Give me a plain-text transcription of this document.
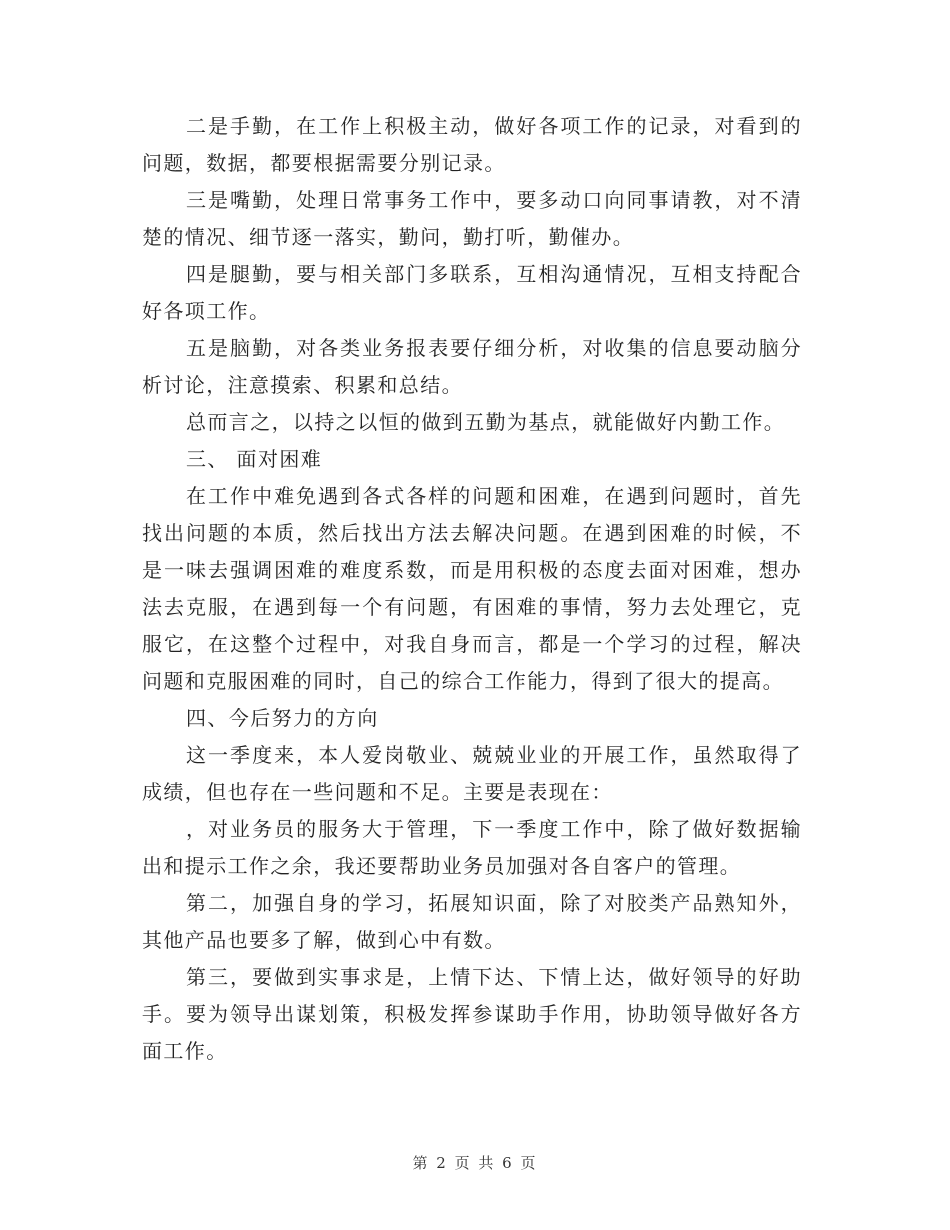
二是手勤，在工作上积极主动，做好各项工作的记录，对看到的问题，数据，都要根据需要分别记录。

三是嘴勤，处理日常事务工作中，要多动口向同事请教，对不清楚的情况、细节逐一落实，勤问，勤打听，勤催办。

四是腿勤，要与相关部门多联系，互相沟通情况，互相支持配合好各项工作。

五是脑勤，对各类业务报表要仔细分析，对收集的信息要动脑分析讨论，注意摸索、积累和总结。

总而言之，以持之以恒的做到五勤为基点，就能做好内勤工作。

三、 面对困难

在工作中难免遇到各式各样的问题和困难，在遇到问题时，首先找出问题的本质，然后找出方法去解决问题。在遇到困难的时候，不是一味去强调困难的难度系数，而是用积极的态度去面对困难，想办法去克服，在遇到每一个有问题，有困难的事情，努力去处理它，克服它，在这整个过程中，对我自身而言，都是一个学习的过程，解决问题和克服困难的同时，自己的综合工作能力，得到了很大的提高。

四、今后努力的方向

这一季度来，本人爱岗敬业、兢兢业业的开展工作，虽然取得了成绩，但也存在一些问题和不足。主要是表现在：

，对业务员的服务大于管理，下一季度工作中，除了做好数据输出和提示工作之余，我还要帮助业务员加强对各自客户的管理。

第二，加强自身的学习，拓展知识面，除了对胶类产品熟知外，其他产品也要多了解，做到心中有数。

第三，要做到实事求是，上情下达、下情上达，做好领导的好助手。要为领导出谋划策，积极发挥参谋助手作用，协助领导做好各方面工作。

第 2 页 共 6 页
